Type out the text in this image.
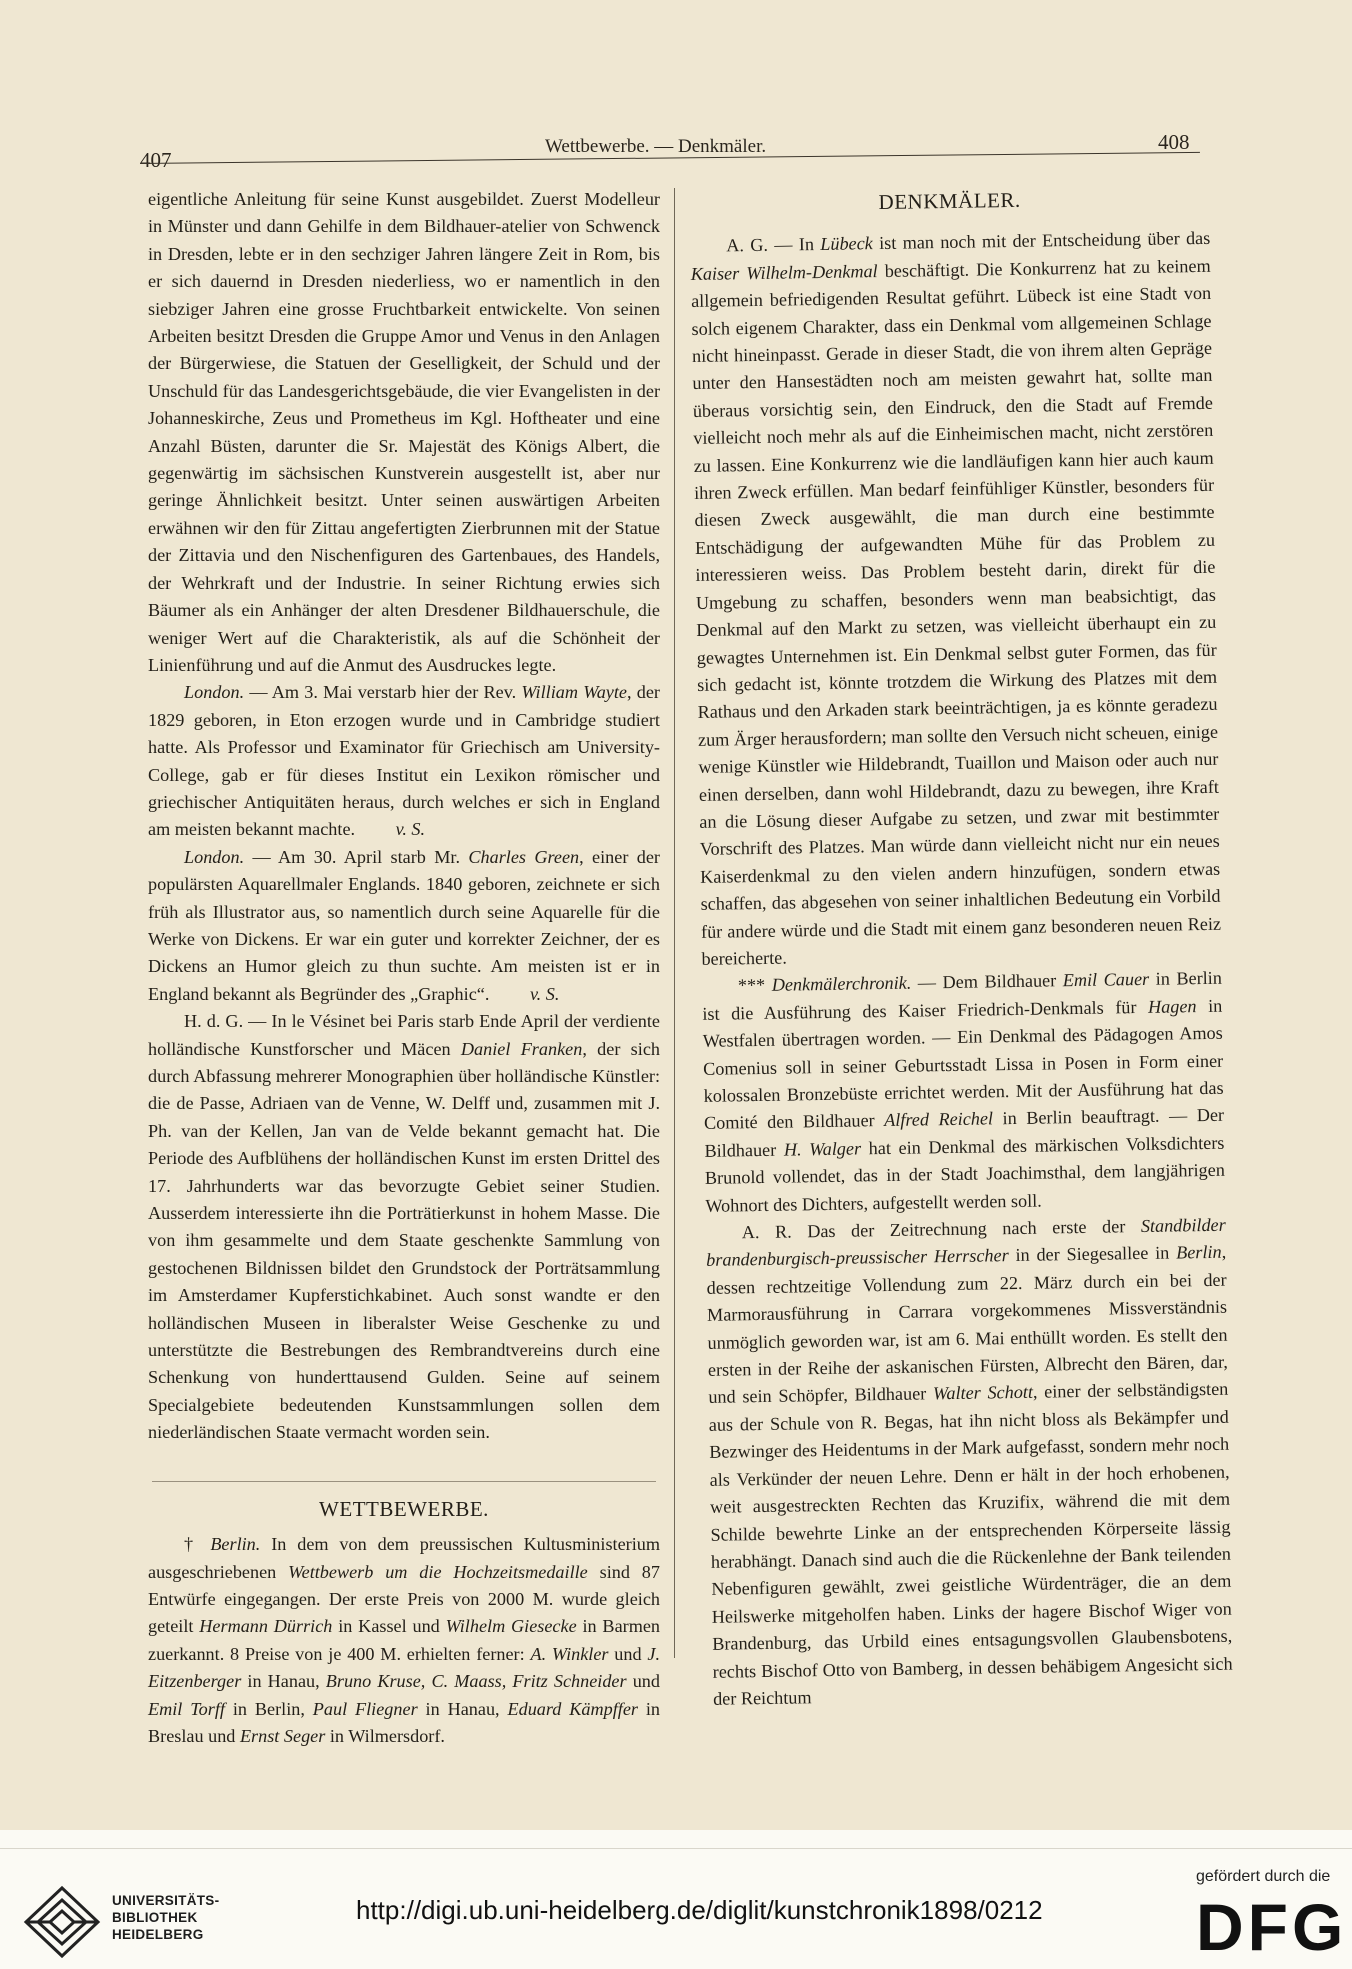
407
Wettbewerbe. — Denkmäler.	408

eigentliche Anleitung für seine Kunst ausgebildet. Zuerst Modelleur in Münster und dann Gehilfe in dem Bildhauer-atelier von Schwenck in Dresden, lebte er in den sechziger Jahren längere Zeit in Rom, bis er sich dauernd in Dresden niederliess, wo er namentlich in den siebziger Jahren eine grosse Fruchtbarkeit entwickelte. Von seinen Arbeiten besitzt Dresden die Gruppe Amor und Venus in den Anlagen der Bürgerwiese, die Statuen der Geselligkeit, der Schuld und der Unschuld für das Landesgerichtsgebäude, die vier Evangelisten in der Johanneskirche, Zeus und Prometheus im Kgl. Hoftheater und eine Anzahl Büsten, darunter die Sr. Majestät des Königs Albert, die gegenwärtig im sächsischen Kunstverein ausgestellt ist, aber nur geringe Ähnlichkeit besitzt. Unter seinen auswärtigen Arbeiten erwähnen wir den für Zittau angefertigten Zierbrunnen mit der Statue der Zittavia und den Nischenfiguren des Gartenbaues, des Handels, der Wehrkraft und der Industrie. In seiner Richtung erwies sich Bäumer als ein Anhänger der alten Dresdener Bildhauerschule, die weniger Wert auf die Charakteristik, als auf die Schönheit der Linienführung und auf die Anmut des Ausdruckes legte.

London. — Am 3. Mai verstarb hier der Rev. William Wayte, der 1829 geboren, in Eton erzogen wurde und in Cambridge studiert hatte. Als Professor und Examinator für Griechisch am University-College, gab er für dieses Institut ein Lexikon römischer und griechischer Antiquitäten heraus, durch welches er sich in England am meisten bekannt machte. v. S.

London. — Am 30. April starb Mr. Charles Green, einer der populärsten Aquarellmaler Englands. 1840 geboren, zeichnete er sich früh als Illustrator aus, so namentlich durch seine Aquarelle für die Werke von Dickens. Er war ein guter und korrekter Zeichner, der es Dickens an Humor gleich zu thun suchte. Am meisten ist er in England bekannt als Begründer des „Graphic“. v. S.

H. d. G. — In le Vésinet bei Paris starb Ende April der verdiente holländische Kunstforscher und Mäcen Daniel Franken, der sich durch Abfassung mehrerer Monographien über holländische Künstler: die de Passe, Adriaen van de Venne, W. Delff und, zusammen mit J. Ph. van der Kellen, Jan van de Velde bekannt gemacht hat. Die Periode des Aufblühens der holländischen Kunst im ersten Drittel des 17. Jahrhunderts war das bevorzugte Gebiet seiner Studien. Ausserdem interessierte ihn die Porträtierkunst in hohem Masse. Die von ihm gesammelte und dem Staate geschenkte Sammlung von gestochenen Bildnissen bildet den Grundstock der Porträtsammlung im Amsterdamer Kupferstichkabinet. Auch sonst wandte er den holländischen Museen in liberalster Weise Geschenke zu und unterstützte die Bestrebungen des Rembrandtvereins durch eine Schenkung von hunderttausend Gulden. Seine auf seinem Specialgebiete bedeutenden Kunstsammlungen sollen dem niederländischen Staate vermacht worden sein.

WETTBEWERBE.

† Berlin. In dem von dem preussischen Kultusministerium ausgeschriebenen Wettbewerb um die Hochzeitsmedaille sind 87 Entwürfe eingegangen. Der erste Preis von 2000 M. wurde gleich geteilt Hermann Dürrich in Kassel und Wilhelm Giesecke in Barmen zuerkannt. 8 Preise von je 400 M. erhielten ferner: A. Winkler und J. Eitzenberger in Hanau, Bruno Kruse, C. Maass, Fritz Schneider und Emil Torff in Berlin, Paul Fliegner in Hanau, Eduard Kämpffer in Breslau und Ernst Seger in Wilmersdorf.

DENKMÄLER.

A. G. — In Lübeck ist man noch mit der Entscheidung über das Kaiser Wilhelm-Denkmal beschäftigt. Die Konkurrenz hat zu keinem allgemein befriedigenden Resultat geführt. Lübeck ist eine Stadt von solch eigenem Charakter, dass ein Denkmal vom allgemeinen Schlage nicht hineinpasst. Gerade in dieser Stadt, die von ihrem alten Gepräge unter den Hansestädten noch am meisten gewahrt hat, sollte man überaus vorsichtig sein, den Eindruck, den die Stadt auf Fremde vielleicht noch mehr als auf die Einheimischen macht, nicht zerstören zu lassen. Eine Konkurrenz wie die landläufigen kann hier auch kaum ihren Zweck erfüllen. Man bedarf feinfühliger Künstler, besonders für diesen Zweck ausgewählt, die man durch eine bestimmte Entschädigung der aufgewandten Mühe für das Problem zu interessieren weiss. Das Problem besteht darin, direkt für die Umgebung zu schaffen, besonders wenn man beabsichtigt, das Denkmal auf den Markt zu setzen, was vielleicht überhaupt ein zu gewagtes Unternehmen ist. Ein Denkmal selbst guter Formen, das für sich gedacht ist, könnte trotzdem die Wirkung des Platzes mit dem Rathaus und den Arkaden stark beeinträchtigen, ja es könnte geradezu zum Ärger herausfordern; man sollte den Versuch nicht scheuen, einige wenige Künstler wie Hildebrandt, Tuaillon und Maison oder auch nur einen derselben, dann wohl Hildebrandt, dazu zu bewegen, ihre Kraft an die Lösung dieser Aufgabe zu setzen, und zwar mit bestimmter Vorschrift des Platzes. Man würde dann vielleicht nicht nur ein neues Kaiserdenkmal zu den vielen andern hinzufügen, sondern etwas schaffen, das abgesehen von seiner inhaltlichen Bedeutung ein Vorbild für andere würde und die Stadt mit einem ganz besonderen neuen Reiz bereicherte.

*** Denkmälerchronik. — Dem Bildhauer Emil Cauer in Berlin ist die Ausführung des Kaiser Friedrich-Denkmals für Hagen in Westfalen übertragen worden. — Ein Denkmal des Pädagogen Amos Comenius soll in seiner Geburtsstadt Lissa in Posen in Form einer kolossalen Bronzebüste errichtet werden. Mit der Ausführung hat das Comité den Bildhauer Alfred Reichel in Berlin beauftragt. — Der Bildhauer H. Walger hat ein Denkmal des märkischen Volksdichters Brunold vollendet, das in der Stadt Joachimsthal, dem langjährigen Wohnort des Dichters, aufgestellt werden soll.

A. R. Das der Zeitrechnung nach erste der Standbilder brandenburgisch-preussischer Herrscher in der Siegesallee in Berlin, dessen rechtzeitige Vollendung zum 22. März durch ein bei der Marmorausführung in Carrara vorgekommenes Missverständnis unmöglich geworden war, ist am 6. Mai enthüllt worden. Es stellt den ersten in der Reihe der askanischen Fürsten, Albrecht den Bären, dar, und sein Schöpfer, Bildhauer Walter Schott, einer der selbständigsten aus der Schule von R. Begas, hat ihn nicht bloss als Bekämpfer und Bezwinger des Heidentums in der Mark aufgefasst, sondern mehr noch als Verkünder der neuen Lehre. Denn er hält in der hoch erhobenen, weit ausgestreckten Rechten das Kruzifix, während die mit dem Schilde bewehrte Linke an der entsprechenden Körperseite lässig herabhängt. Danach sind auch die die Rückenlehne der Bank teilenden Nebenfiguren gewählt, zwei geistliche Würdenträger, die an dem Heilswerke mitgeholfen haben. Links der hagere Bischof Wiger von Brandenburg, das Urbild eines entsagungsvollen Glaubensbotens, rechts Bischof Otto von Bamberg, in dessen behäbigem Angesicht sich der Reichtum

UNIVERSITÄTS-
BIBLIOTHEK
HEIDELBERG
http://digi.ub.uni-heidelberg.de/diglit/kunstchronik1898/0212
gefördert durch die
DFG
